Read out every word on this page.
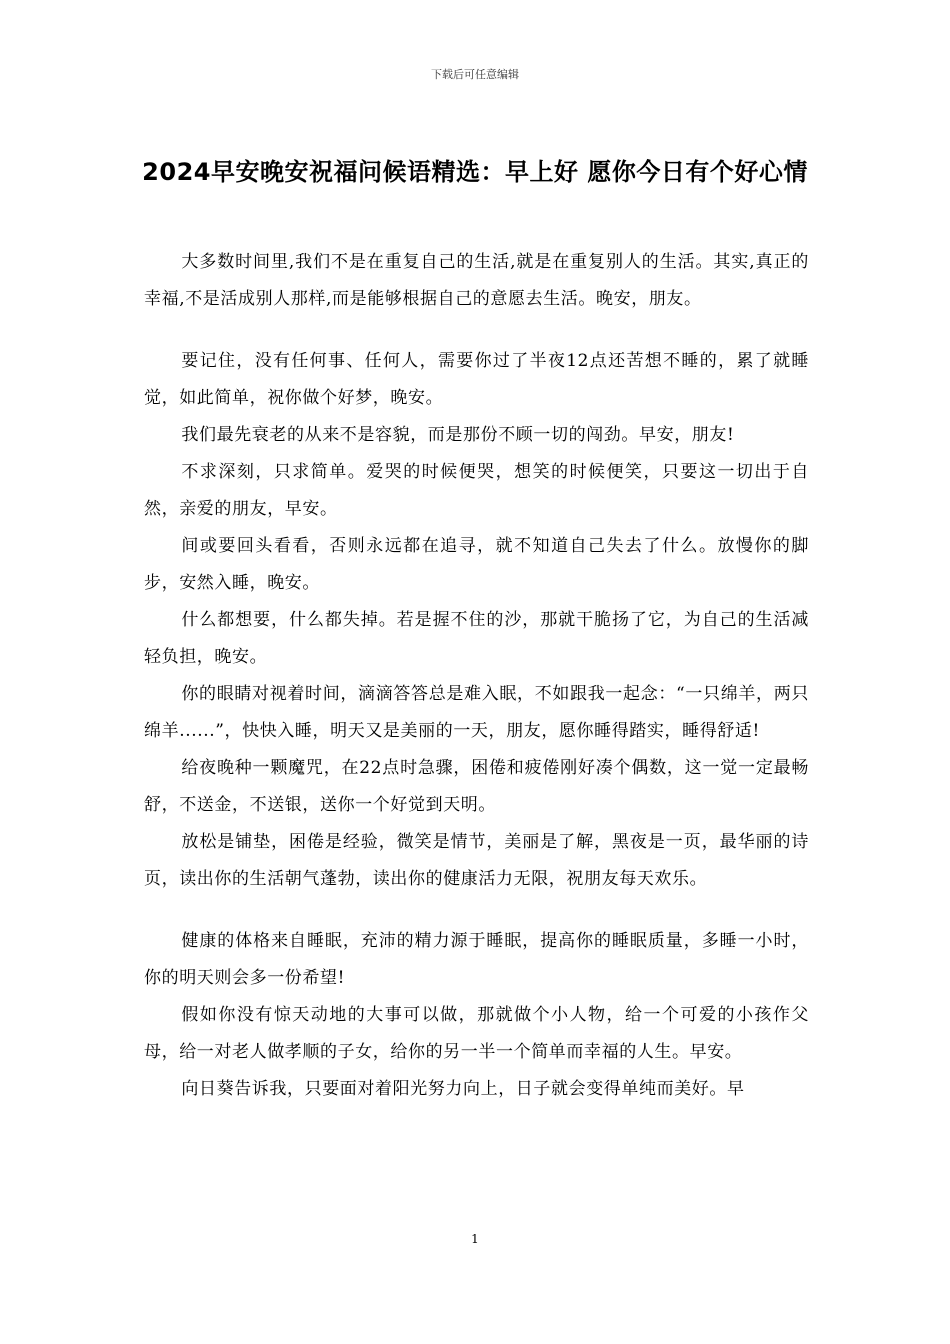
下载后可任意编辑
2024早安晚安祝福问候语精选：早上好 愿你今日有个好心情

大多数时间里,我们不是在重复自己的生活,就是在重复别人的生活。其实,真正的幸福,不是活成别人那样,而是能够根据自己的意愿去生活。晚安，朋友。

要记住，没有任何事、任何人，需要你过了半夜12点还苦想不睡的，累了就睡觉，如此简单，祝你做个好梦，晚安。

我们最先衰老的从来不是容貌，而是那份不顾一切的闯劲。早安，朋友!

不求深刻，只求简单。爱哭的时候便哭，想笑的时候便笑，只要这一切出于自然，亲爱的朋友，早安。

间或要回头看看，否则永远都在追寻，就不知道自己失去了什么。放慢你的脚步，安然入睡，晚安。

什么都想要，什么都失掉。若是握不住的沙，那就干脆扬了它，为自己的生活减轻负担，晚安。

你的眼睛对视着时间，滴滴答答总是难入眠，不如跟我一起念：“一只绵羊，两只绵羊......”，快快入睡，明天又是美丽的一天，朋友，愿你睡得踏实，睡得舒适!

给夜晚种一颗魔咒，在22点时急骤，困倦和疲倦刚好凑个偶数，这一觉一定最畅舒，不送金，不送银，送你一个好觉到天明。

放松是铺垫，困倦是经验，微笑是情节，美丽是了解，黑夜是一页，最华丽的诗页，读出你的生活朝气蓬勃，读出你的健康活力无限，祝朋友每天欢乐。

健康的体格来自睡眠，充沛的精力源于睡眠，提高你的睡眠质量，多睡一小时，你的明天则会多一份希望!

假如你没有惊天动地的大事可以做，那就做个小人物，给一个可爱的小孩作父母，给一对老人做孝顺的子女，给你的另一半一个简单而幸福的人生。早安。

向日葵告诉我，只要面对着阳光努力向上，日子就会变得单纯而美好。早

1
